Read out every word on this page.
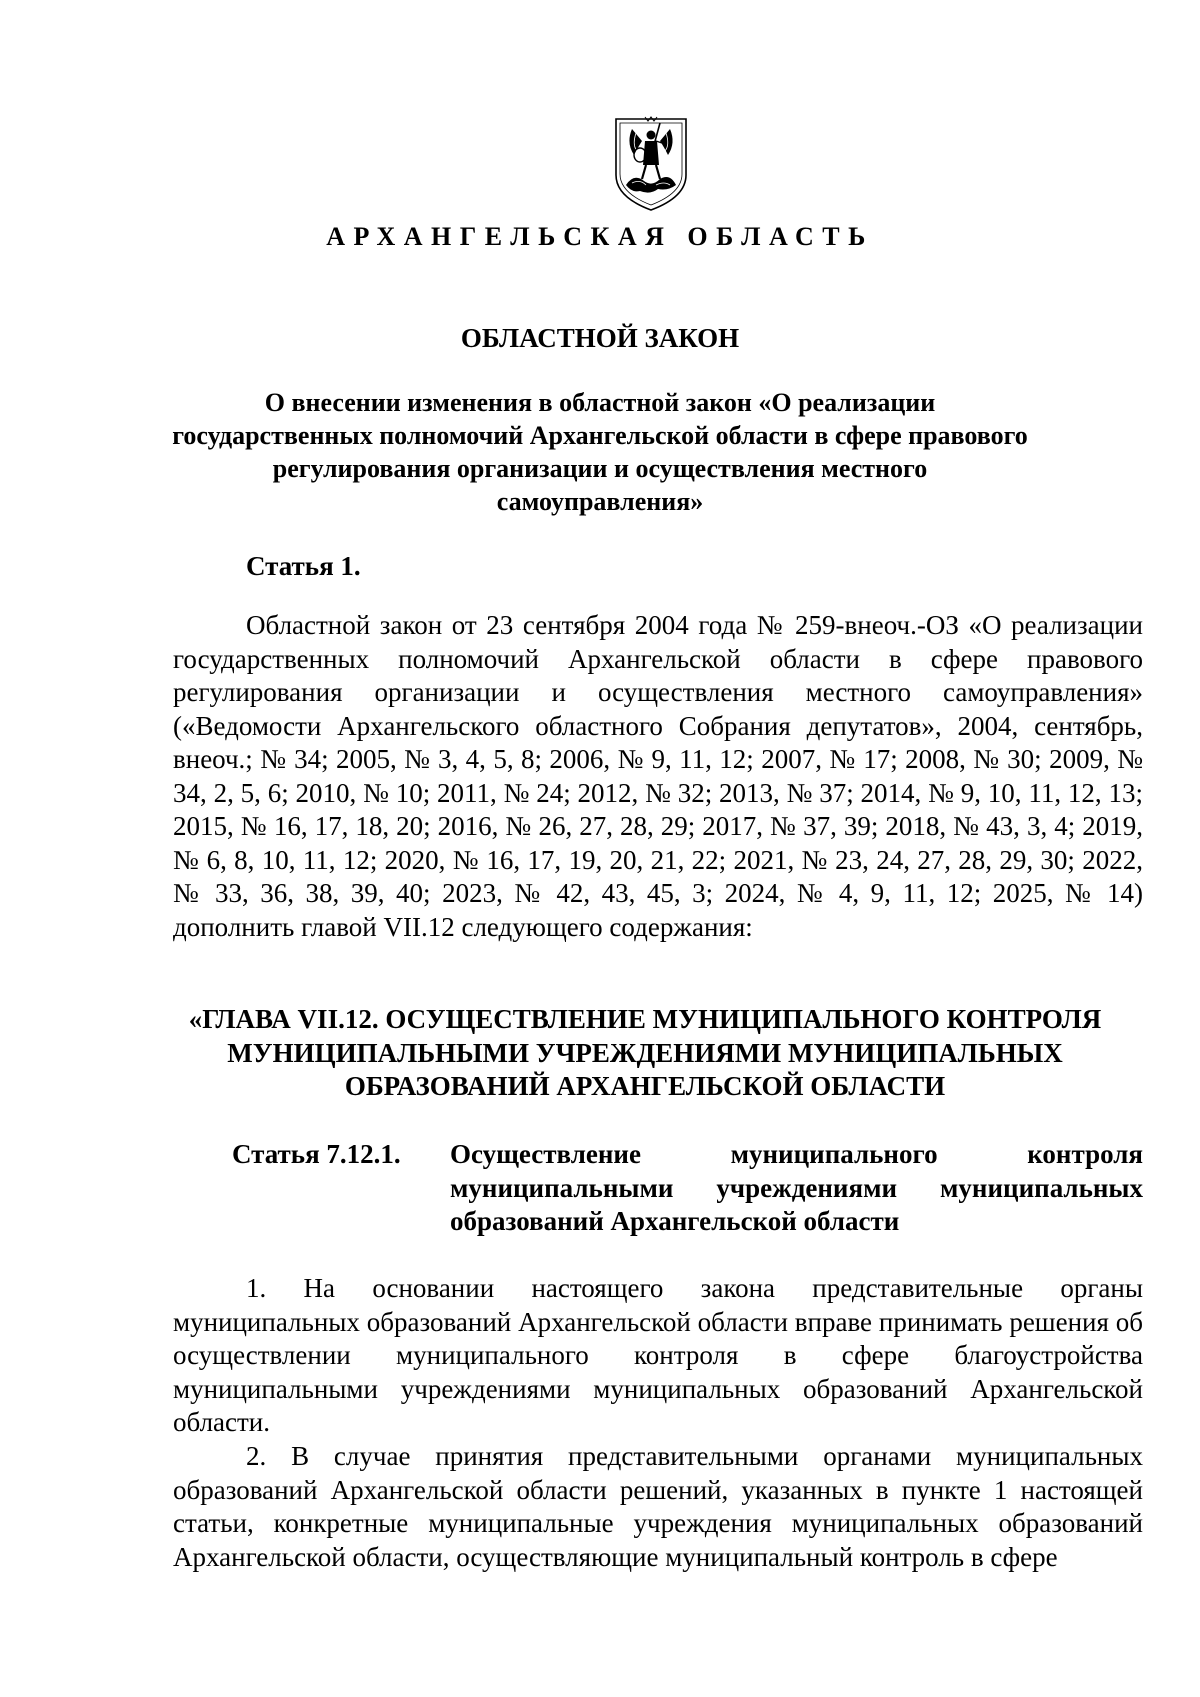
АРХАНГЕЛЬСКАЯ ОБЛАСТЬ
ОБЛАСТНОЙ ЗАКОН
О внесении изменения в областной закон «О реализации государственных полномочий Архангельской области в сфере правового регулирования организации и осуществления местного самоуправления»
Статья 1.

Областной закон от 23 сентября 2004 года № 259-внеоч.-ОЗ «О реализации государственных полномочий Архангельской области в сфере правового регулирования организации и осуществления местного самоуправления» («Ведомости Архангельского областного Собрания депутатов», 2004, сентябрь, внеоч.; № 34; 2005, № 3, 4, 5, 8; 2006, № 9, 11, 12; 2007, № 17; 2008, № 30; 2009, № 34, 2, 5, 6; 2010, № 10; 2011, № 24; 2012, № 32; 2013, № 37; 2014, № 9, 10, 11, 12, 13; 2015, № 16, 17, 18, 20; 2016, № 26, 27, 28, 29; 2017, № 37, 39; 2018, № 43, 3, 4; 2019, № 6, 8, 10, 11, 12; 2020, № 16, 17, 19, 20, 21, 22; 2021, № 23, 24, 27, 28, 29, 30; 2022, № 33, 36, 38, 39, 40; 2023, № 42, 43, 45, 3; 2024, № 4, 9, 11, 12; 2025, № 14) дополнить главой VII.12 следующего содержания:

«ГЛАВА VII.12. ОСУЩЕСТВЛЕНИЕ МУНИЦИПАЛЬНОГО КОНТРОЛЯ МУНИЦИПАЛЬНЫМИ УЧРЕЖДЕНИЯМИ МУНИЦИПАЛЬНЫХ ОБРАЗОВАНИЙ АРХАНГЕЛЬСКОЙ ОБЛАСТИ

Статья 7.12.1. Осуществление муниципального контроля муниципальными учреждениями муниципальных образований Архангельской области

1. На основании настоящего закона представительные органы муниципальных образований Архангельской области вправе принимать решения об осуществлении муниципального контроля в сфере благоустройства муниципальными учреждениями муниципальных образований Архангельской области.

2. В случае принятия представительными органами муниципальных образований Архангельской области решений, указанных в пункте 1 настоящей статьи, конкретные муниципальные учреждения муниципальных образований Архангельской области, осуществляющие муниципальный контроль в сфере
